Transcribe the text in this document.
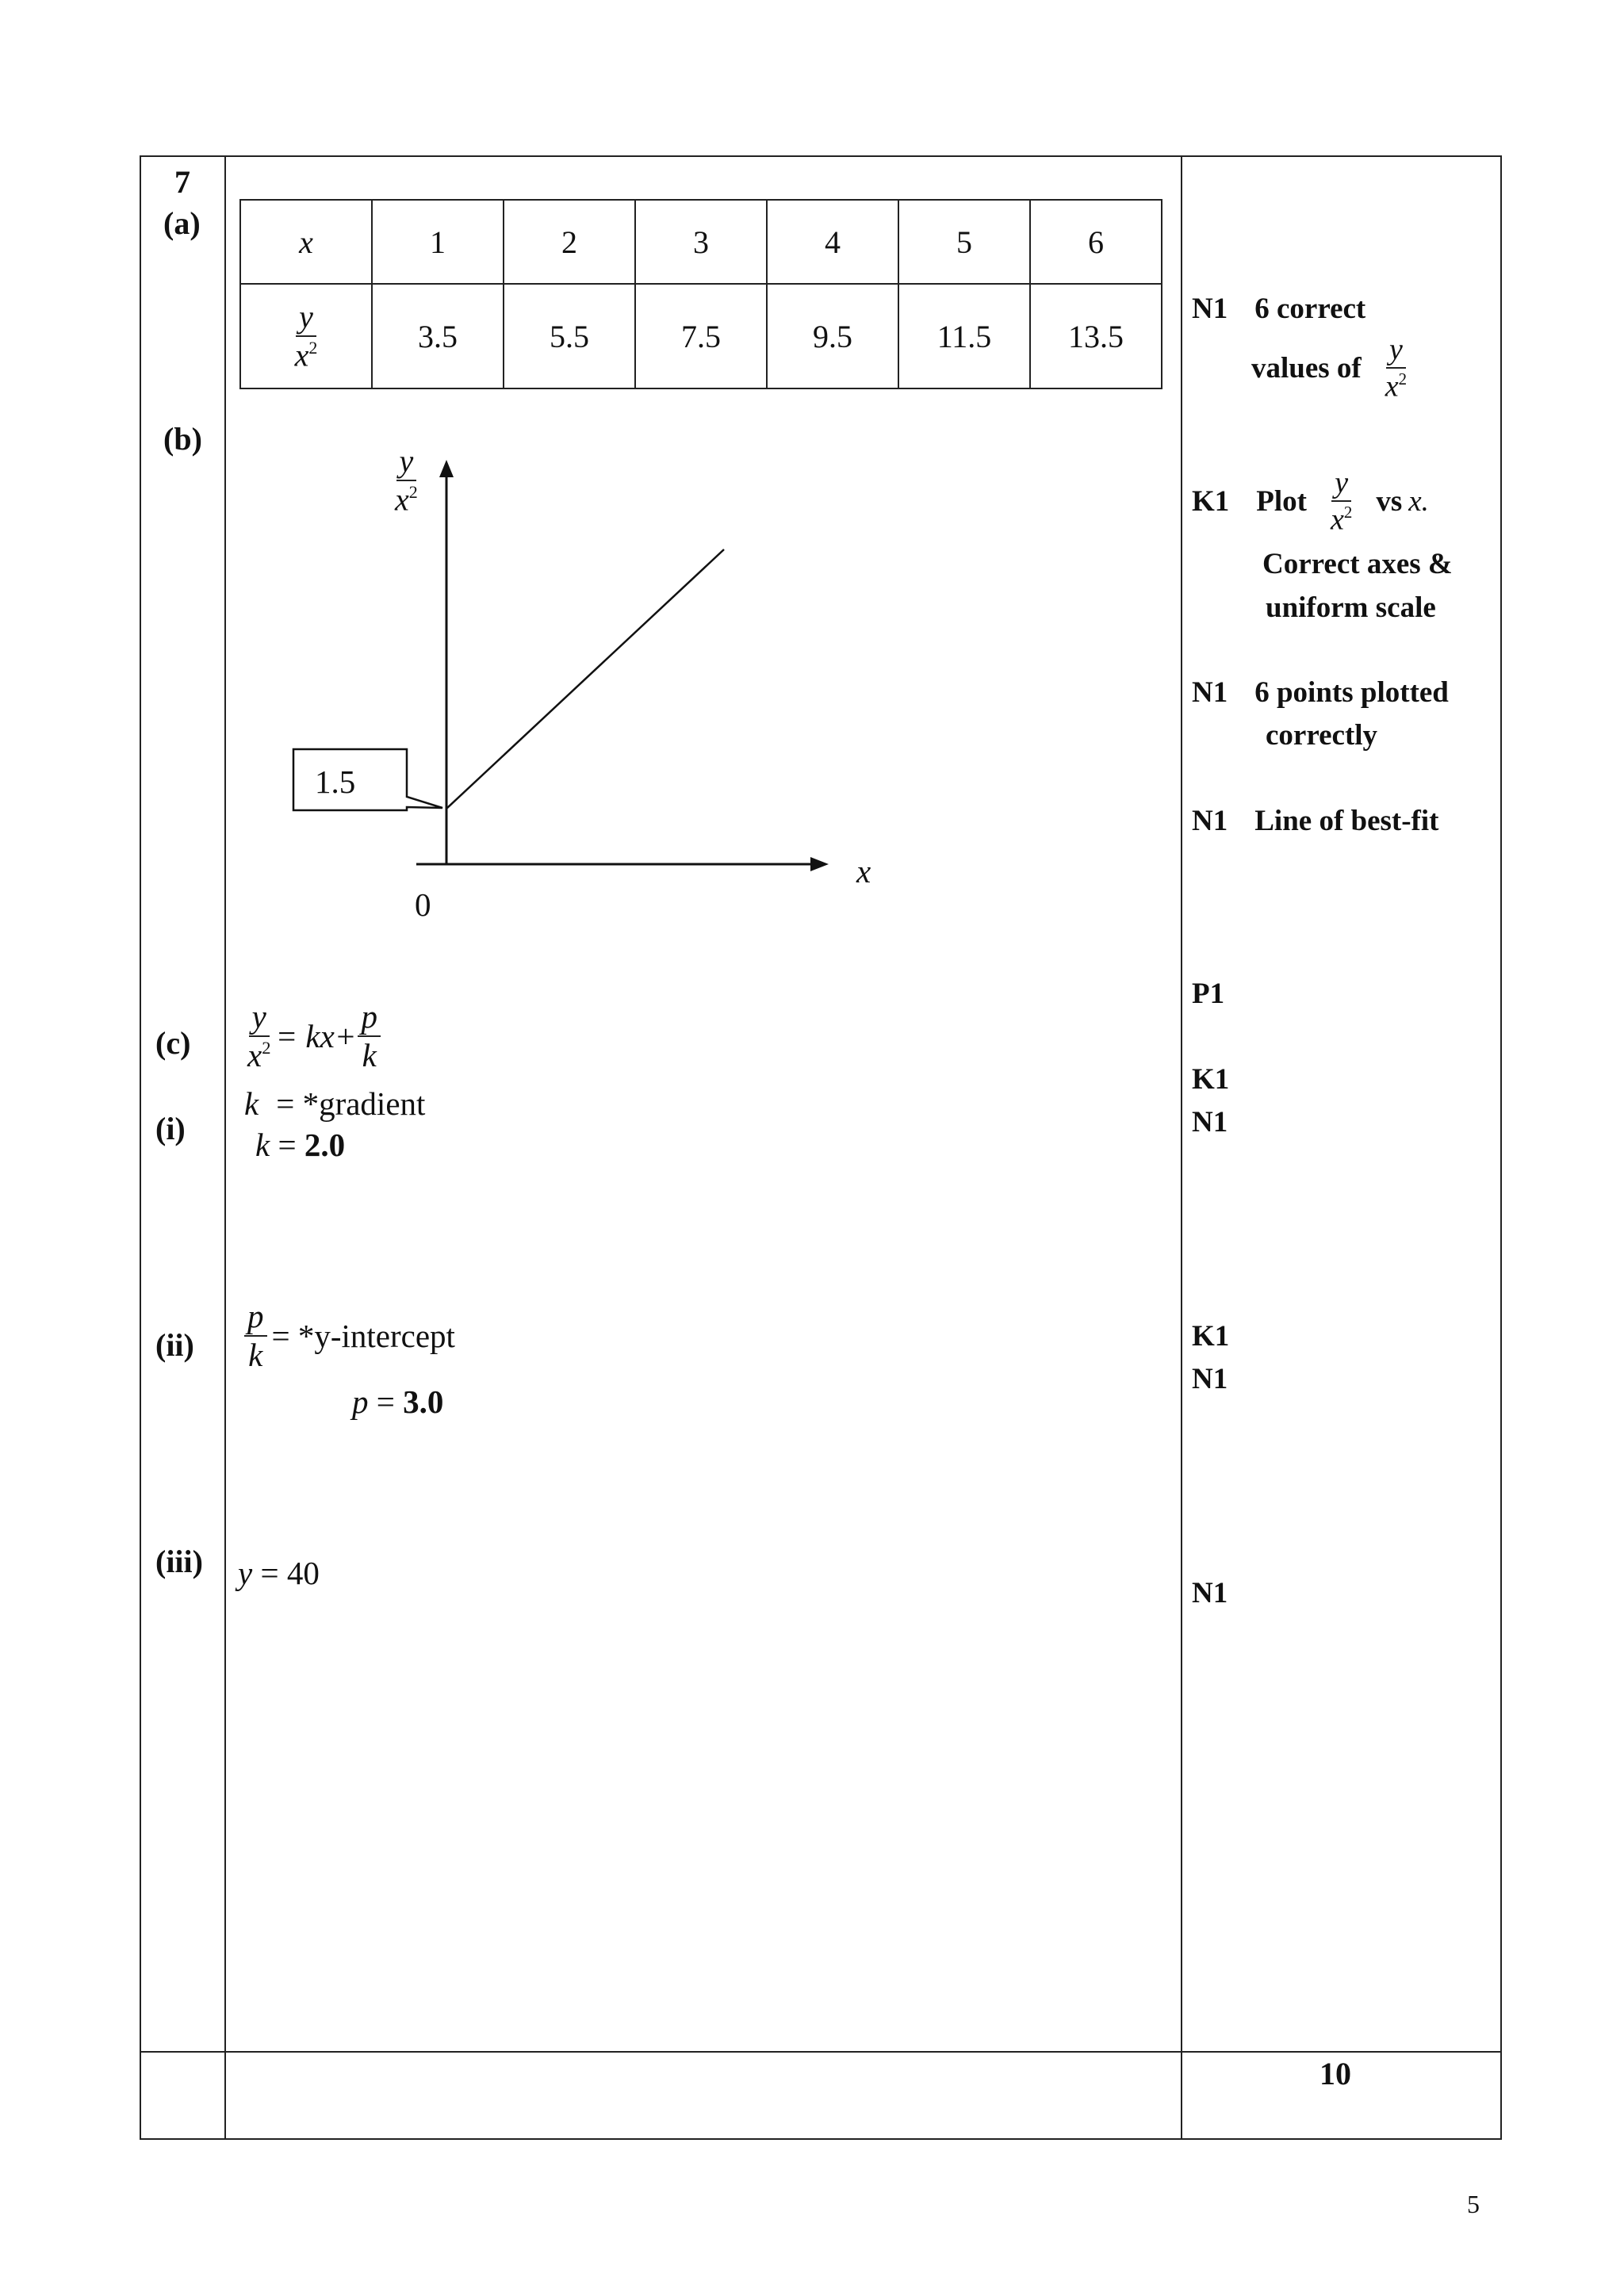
7
(a)
(b)
(c)
(i)
(ii)
(iii)
x	1	2	3	4	5	6

$\frac{y}{x^2}$	3.5	5.5	7.5	9.5	11.5	13.5
1.5
$\frac{y}{x^2}$
x
0
$\frac{y}{x^2} = kx+ \frac{p}{k}$
k = *gradient
k = 2.0
$\frac{p}{k}$ = *y-intercept
p = 3.0
y = 40
N1 6 correct
values of $\frac{y}{x^2}$
K1 Plot $\frac{y}{x^2}$ vs x.
Correct axes &
uniform scale
N1 6 points plotted
correctly
N1 Line of best-fit
P1
K1
N1
K1
N1
N1
10
5
